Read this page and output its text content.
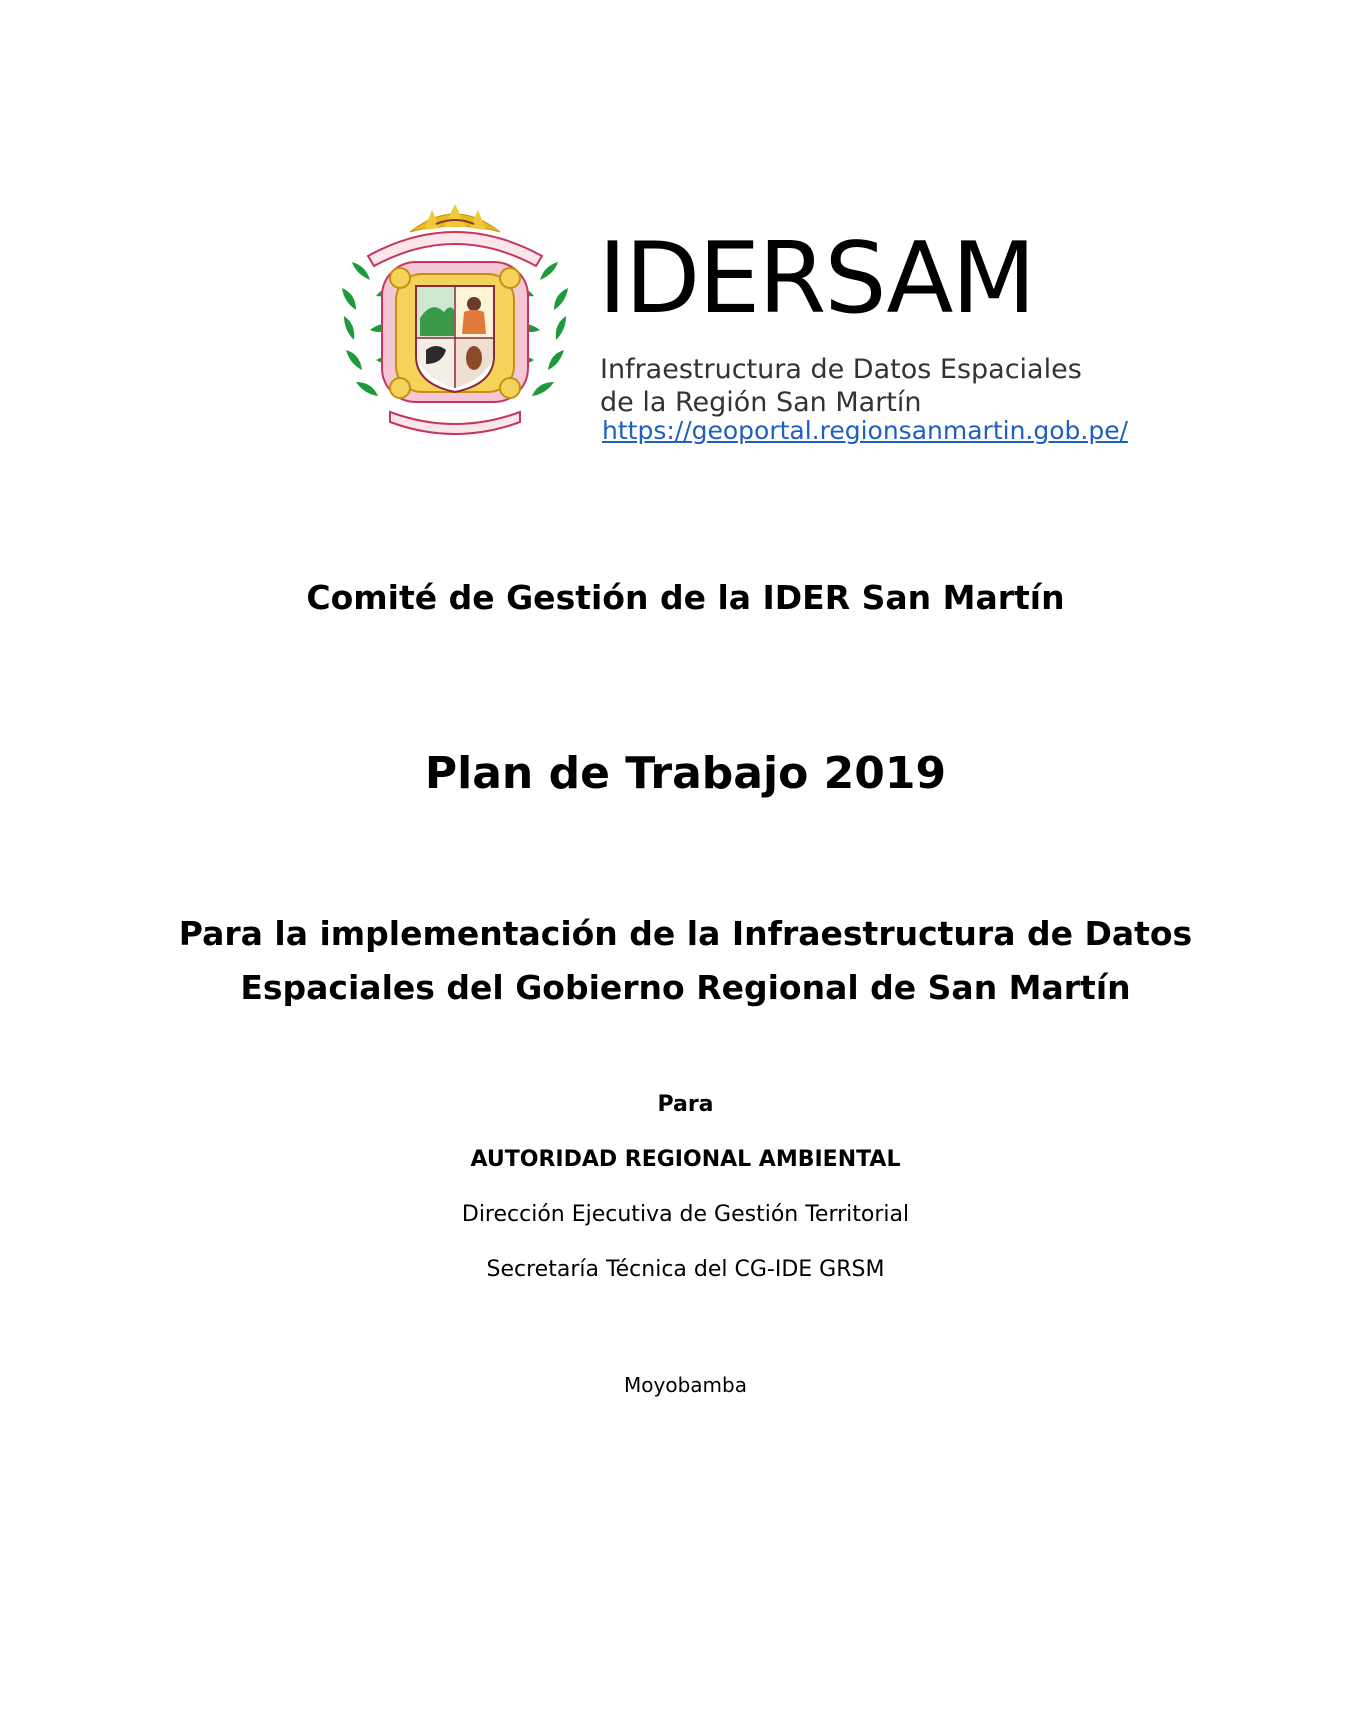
IDERSAM
Infraestructura de Datos Espaciales
de la Región San Martín
https://geoportal.regionsanmartin.gob.pe/
Comité de Gestión de la IDER San Martín
Plan de Trabajo 2019
Para la implementación de la Infraestructura de Datos
Espaciales del Gobierno Regional de San Martín
Para
AUTORIDAD REGIONAL AMBIENTAL
Dirección Ejecutiva de Gestión Territorial
Secretaría Técnica del CG-IDE GRSM
Moyobamba
